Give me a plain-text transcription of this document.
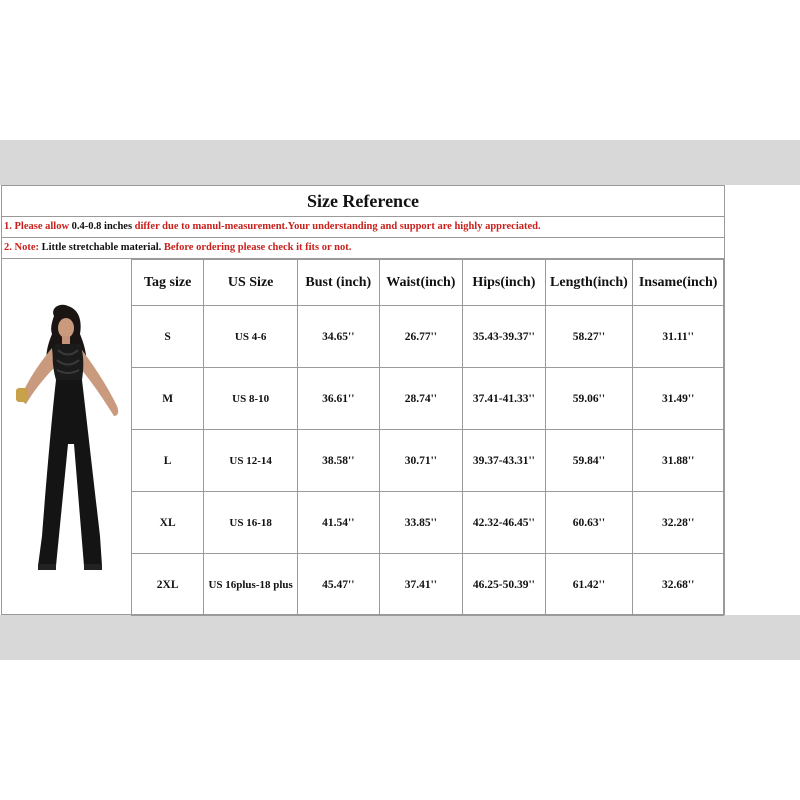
Size Reference
1. Please allow 0.4-0.8 inches differ due to manul-measurement.Your understanding and support are highly appreciated.
2. Note: Little stretchable material. Before ordering please check it fits or not.
Tag size	US Size	Bust (inch)	Waist(inch)	Hips(inch)	Length(inch)	Insame(inch)
S	US 4-6	34.65''	26.77''	35.43-39.37''	58.27''	31.11''
M	US 8-10	36.61''	28.74''	37.41-41.33''	59.06''	31.49''
L	US 12-14	38.58''	30.71''	39.37-43.31''	59.84''	31.88''
XL	US 16-18	41.54''	33.85''	42.32-46.45''	60.63''	32.28''
2XL	US 16plus-18 plus	45.47''	37.41''	46.25-50.39''	61.42''	32.68''
